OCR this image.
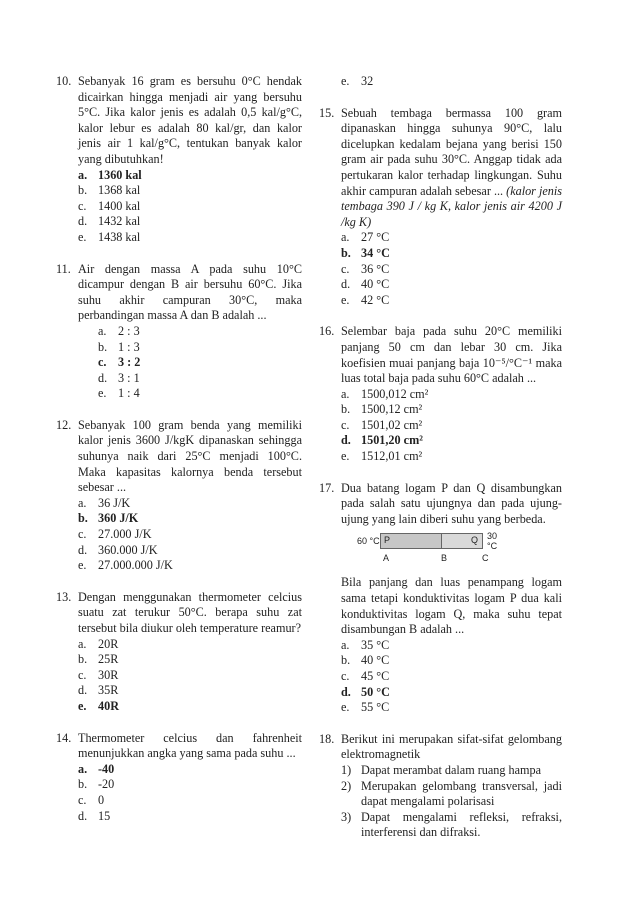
10. Sebanyak 16 gram es bersuhu 0°C hendak dicairkan hingga menjadi air yang bersuhu 5°C. Jika kalor jenis es adalah 0,5 kal/g°C, kalor lebur es adalah 80 kal/gr, dan kalor jenis air 1 kal/g°C, tentukan banyak kalor yang dibutuhkan!
a. 1360 kal
b. 1368 kal
c. 1400 kal
d. 1432 kal
e. 1438 kal
11. Air dengan massa A pada suhu 10°C dicampur dengan B air bersuhu 60°C. Jika suhu akhir campuran 30°C, maka perbandingan massa A dan B adalah ...
a. 2 : 3
b. 1 : 3
c. 3 : 2
d. 3 : 1
e. 1 : 4
12. Sebanyak 100 gram benda yang memiliki kalor jenis 3600 J/kgK dipanaskan sehingga suhunya naik dari 25°C menjadi 100°C. Maka kapasitas kalornya benda tersebut sebesar ...
a. 36 J/K
b. 360 J/K
c. 27.000 J/K
d. 360.000 J/K
e. 27.000.000 J/K
13. Dengan menggunakan thermometer celcius suatu zat terukur 50°C. berapa suhu zat tersebut bila diukur oleh temperature reamur?
a. 20R
b. 25R
c. 30R
d. 35R
e. 40R
14. Thermometer celcius dan fahrenheit menunjukkan angka yang sama pada suhu ...
a. -40
b. -20
c. 0
d. 15
e. 32
15. Sebuah tembaga bermassa 100 gram dipanaskan hingga suhunya 90°C, lalu dicelupkan kedalam bejana yang berisi 150 gram air pada suhu 30°C. Anggap tidak ada pertukaran kalor terhadap lingkungan. Suhu akhir campuran adalah sebesar ... (kalor jenis tembaga 390 J / kg K, kalor jenis air 4200 J /kg K)
a. 27 °C
b. 34 °C
c. 36 °C
d. 40 °C
e. 42 °C
16. Selembar baja pada suhu 20°C memiliki panjang 50 cm dan lebar 30 cm. Jika koefisien muai panjang baja 10⁻⁵/°C⁻¹ maka luas total baja pada suhu 60°C adalah ...
a. 1500,012 cm²
b. 1500,12 cm²
c. 1501,02 cm²
d. 1501,20 cm²
e. 1512,01 cm²
17. Dua batang logam P dan Q disambungkan pada salah satu ujungnya dan pada ujung-ujung yang lain diberi suhu yang berbeda.
60 °C P	Q 30 °C
A	B	C
Bila panjang dan luas penampang logam sama tetapi konduktivitas logam P dua kali konduktivitas logam Q, maka suhu tepat disambungan B adalah ...
a. 35 °C
b. 40 °C
c. 45 °C
d. 50 °C
e. 55 °C
18. Berikut ini merupakan sifat-sifat gelombang elektromagnetik
1) Dapat merambat dalam ruang hampa
2) Merupakan gelombang transversal, jadi dapat mengalami polarisasi
3) Dapat mengalami refleksi, refraksi, interferensi dan difraksi.
